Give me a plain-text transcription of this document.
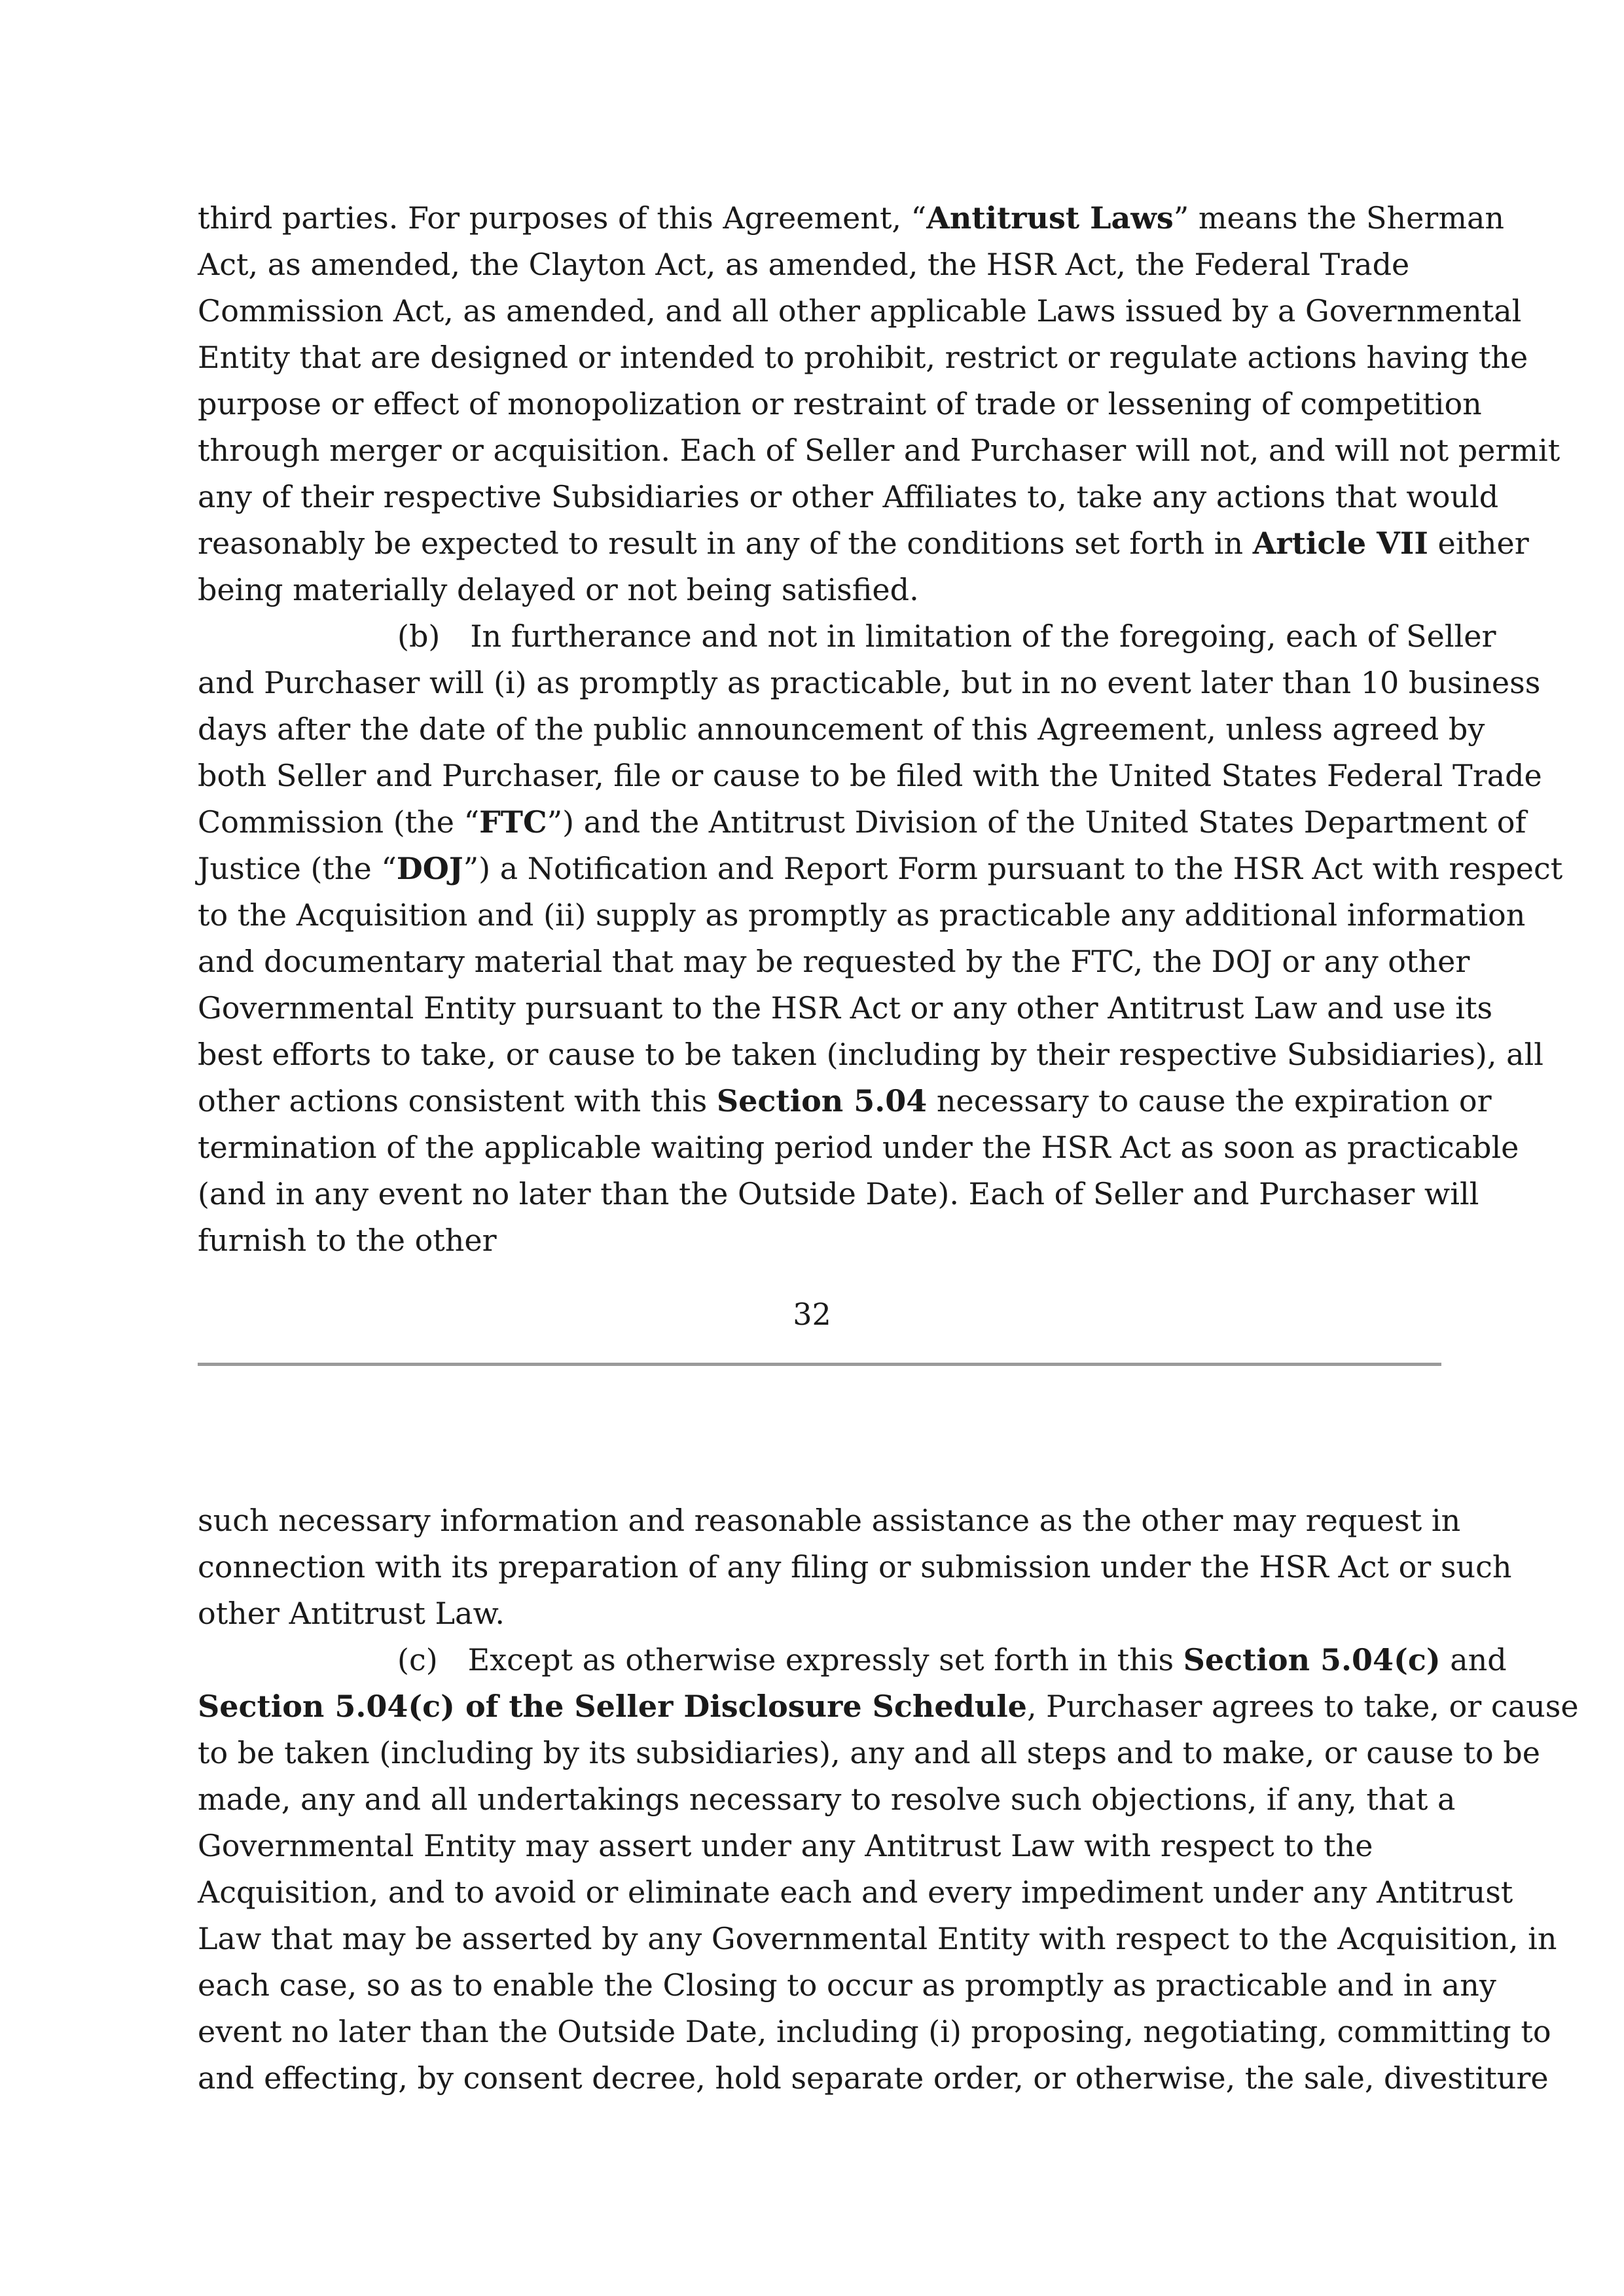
third parties. For purposes of this Agreement, “Antitrust Laws” means the Sherman
Act, as amended, the Clayton Act, as amended, the HSR Act, the Federal Trade
Commission Act, as amended, and all other applicable Laws issued by a Governmental
Entity that are designed or intended to prohibit, restrict or regulate actions having the
purpose or effect of monopolization or restraint of trade or lessening of competition
through merger or acquisition. Each of Seller and Purchaser will not, and will not permit
any of their respective Subsidiaries or other Affiliates to, take any actions that would
reasonably be expected to result in any of the conditions set forth in Article VII either
being materially delayed or not being satisfied.
(b) In furtherance and not in limitation of the foregoing, each of Seller
and Purchaser will (i) as promptly as practicable, but in no event later than 10 business
days after the date of the public announcement of this Agreement, unless agreed by
both Seller and Purchaser, file or cause to be filed with the United States Federal Trade
Commission (the “FTC”) and the Antitrust Division of the United States Department of
Justice (the “DOJ”) a Notification and Report Form pursuant to the HSR Act with respect
to the Acquisition and (ii) supply as promptly as practicable any additional information
and documentary material that may be requested by the FTC, the DOJ or any other
Governmental Entity pursuant to the HSR Act or any other Antitrust Law and use its
best efforts to take, or cause to be taken (including by their respective Subsidiaries), all
other actions consistent with this Section 5.04 necessary to cause the expiration or
termination of the applicable waiting period under the HSR Act as soon as practicable
(and in any event no later than the Outside Date). Each of Seller and Purchaser will
furnish to the other
32
such necessary information and reasonable assistance as the other may request in
connection with its preparation of any filing or submission under the HSR Act or such
other Antitrust Law.
(c) Except as otherwise expressly set forth in this Section 5.04(c) and
Section 5.04(c) of the Seller Disclosure Schedule, Purchaser agrees to take, or cause
to be taken (including by its subsidiaries), any and all steps and to make, or cause to be
made, any and all undertakings necessary to resolve such objections, if any, that a
Governmental Entity may assert under any Antitrust Law with respect to the
Acquisition, and to avoid or eliminate each and every impediment under any Antitrust
Law that may be asserted by any Governmental Entity with respect to the Acquisition, in
each case, so as to enable the Closing to occur as promptly as practicable and in any
event no later than the Outside Date, including (i) proposing, negotiating, committing to
and effecting, by consent decree, hold separate order, or otherwise, the sale, divestiture
